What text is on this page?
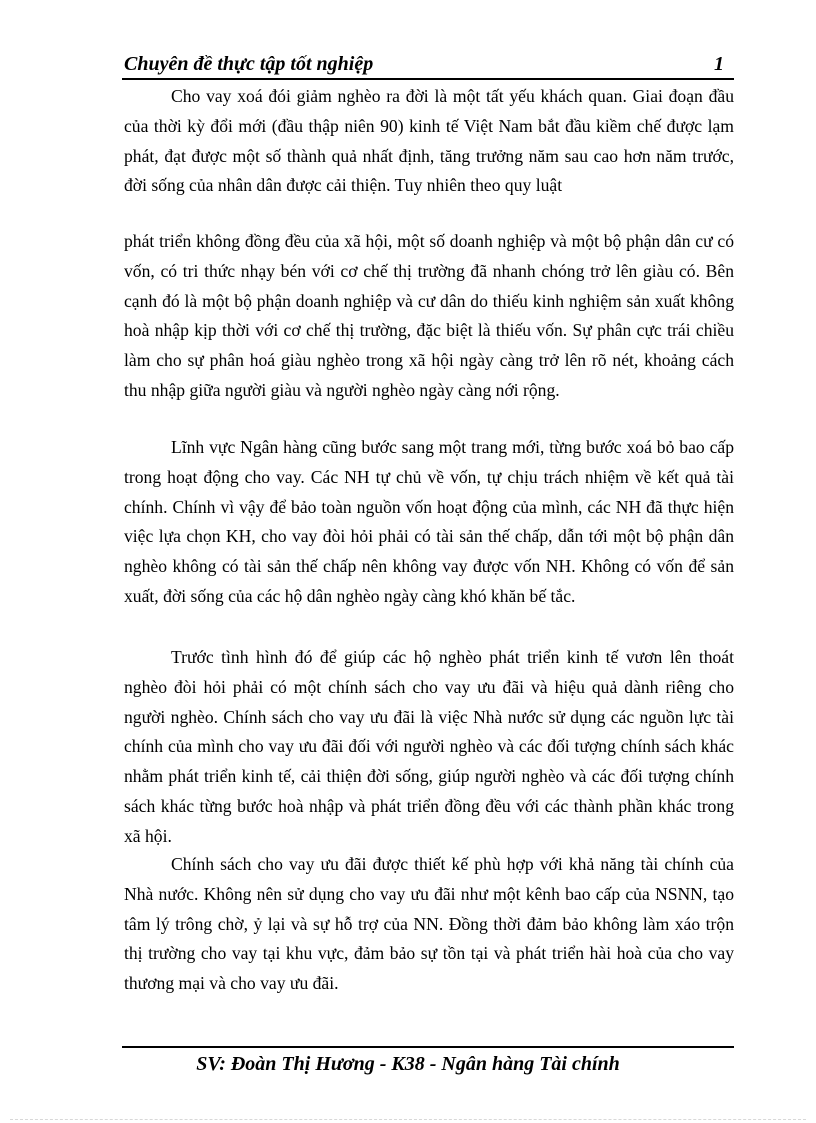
Chuyên đề thực tập tốt nghiệp	1

Cho vay xoá đói giảm nghèo ra đời là một tất yếu khách quan. Giai đoạn đầu của thời kỳ đổi mới (đầu thập niên 90) kinh tế Việt Nam bắt đầu kiềm chế được lạm phát, đạt được một số thành quả nhất định, tăng trưởng năm sau cao hơn năm trước, đời sống của nhân dân được cải thiện. Tuy nhiên theo quy luật

phát triển không đồng đều của xã hội, một số doanh nghiệp và một bộ phận dân cư có vốn, có tri thức nhạy bén với cơ chế thị trường đã nhanh chóng trở lên giàu có. Bên cạnh đó là một bộ phận doanh nghiệp và cư dân do thiếu kinh nghiệm sản xuất không hoà nhập kịp thời với cơ chế thị trường, đặc biệt là thiếu vốn. Sự phân cực trái chiều làm cho sự phân hoá giàu nghèo trong xã hội ngày càng trở lên rõ nét, khoảng cách thu nhập giữa người giàu và người nghèo ngày càng nới rộng.

Lĩnh vực Ngân hàng cũng bước sang một trang mới, từng bước xoá bỏ bao cấp trong hoạt động cho vay. Các NH tự chủ về vốn, tự chịu trách nhiệm về kết quả tài chính. Chính vì vậy để bảo toàn nguồn vốn hoạt động của mình, các NH đã thực hiện việc lựa chọn KH, cho vay đòi hỏi phải có tài sản thế chấp, dẫn tới một bộ phận dân nghèo không có tài sản thế chấp nên không vay được vốn NH. Không có vốn để sản xuất, đời sống của các hộ dân nghèo ngày càng khó khăn bế tắc.

Trước tình hình đó để giúp các hộ nghèo phát triển kinh tế vươn lên thoát nghèo đòi hỏi phải có một chính sách cho vay ưu đãi và hiệu quả dành riêng cho người nghèo. Chính sách cho vay ưu đãi là việc Nhà nước sử dụng các nguồn lực tài chính của mình cho vay ưu đãi đối với người nghèo và các đối tượng chính sách khác nhằm phát triển kinh tế, cải thiện đời sống, giúp người nghèo và các đối tượng chính sách khác từng bước hoà nhập và phát triển đồng đều với các thành phần khác trong xã hội.

Chính sách cho vay ưu đãi được thiết kế phù hợp với khả năng tài chính của Nhà nước. Không nên sử dụng cho vay ưu đãi như một kênh bao cấp của NSNN, tạo tâm lý trông chờ, ỷ lại và sự hỗ trợ của NN. Đồng thời đảm bảo không làm xáo trộn thị trường cho vay tại khu vực, đảm bảo sự tồn tại và phát triển hài hoà của cho vay thương mại và cho vay ưu đãi.

SV: Đoàn Thị Hương - K38 - Ngân hàng Tài chính
